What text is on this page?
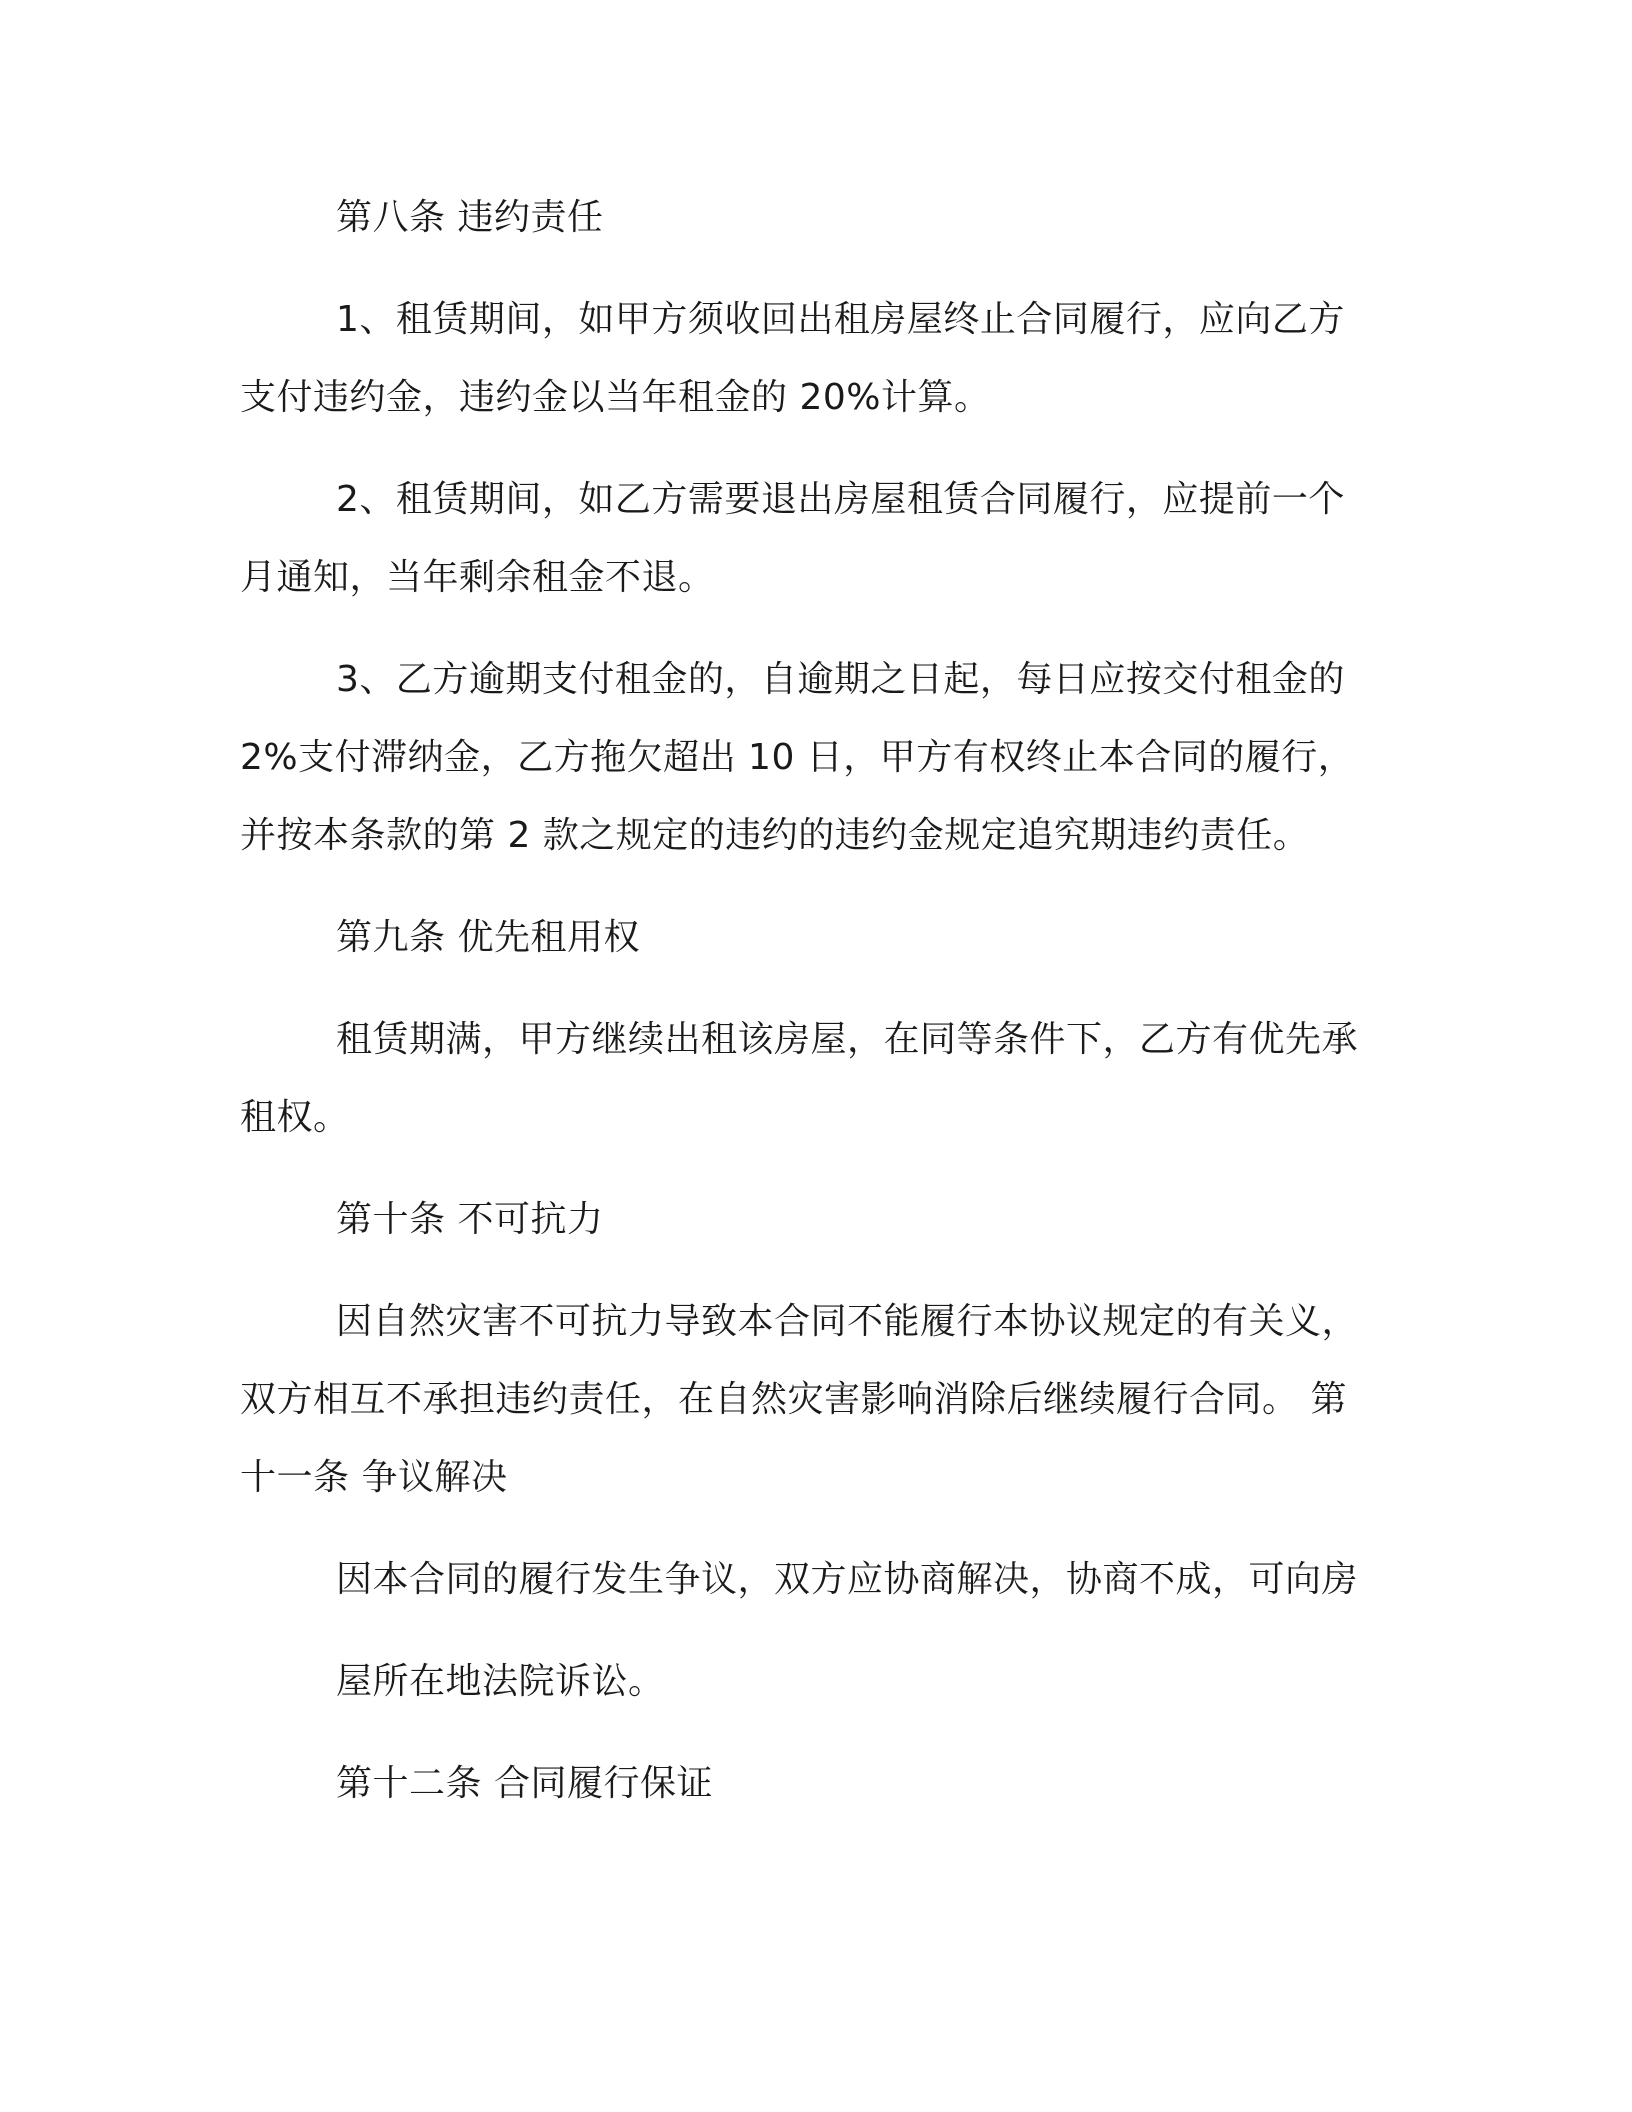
第八条 违约责任
1、租赁期间，如甲方须收回出租房屋终止合同履行，应向乙方
支付违约金，违约金以当年租金的 20%计算。
2、租赁期间，如乙方需要退出房屋租赁合同履行，应提前一个
月通知，当年剩余租金不退。
3、乙方逾期支付租金的，自逾期之日起，每日应按交付租金的
2%支付滞纳金，乙方拖欠超出 10 日，甲方有权终止本合同的履行，
并按本条款的第 2 款之规定的违约的违约金规定追究期违约责任。
第九条 优先租用权
租赁期满，甲方继续出租该房屋，在同等条件下，乙方有优先承
租权。
第十条 不可抗力
因自然灾害不可抗力导致本合同不能履行本协议规定的有关义，
双方相互不承担违约责任，在自然灾害影响消除后继续履行合同。 第
十一条 争议解决
因本合同的履行发生争议，双方应协商解决，协商不成，可向房
屋所在地法院诉讼。
第十二条 合同履行保证
